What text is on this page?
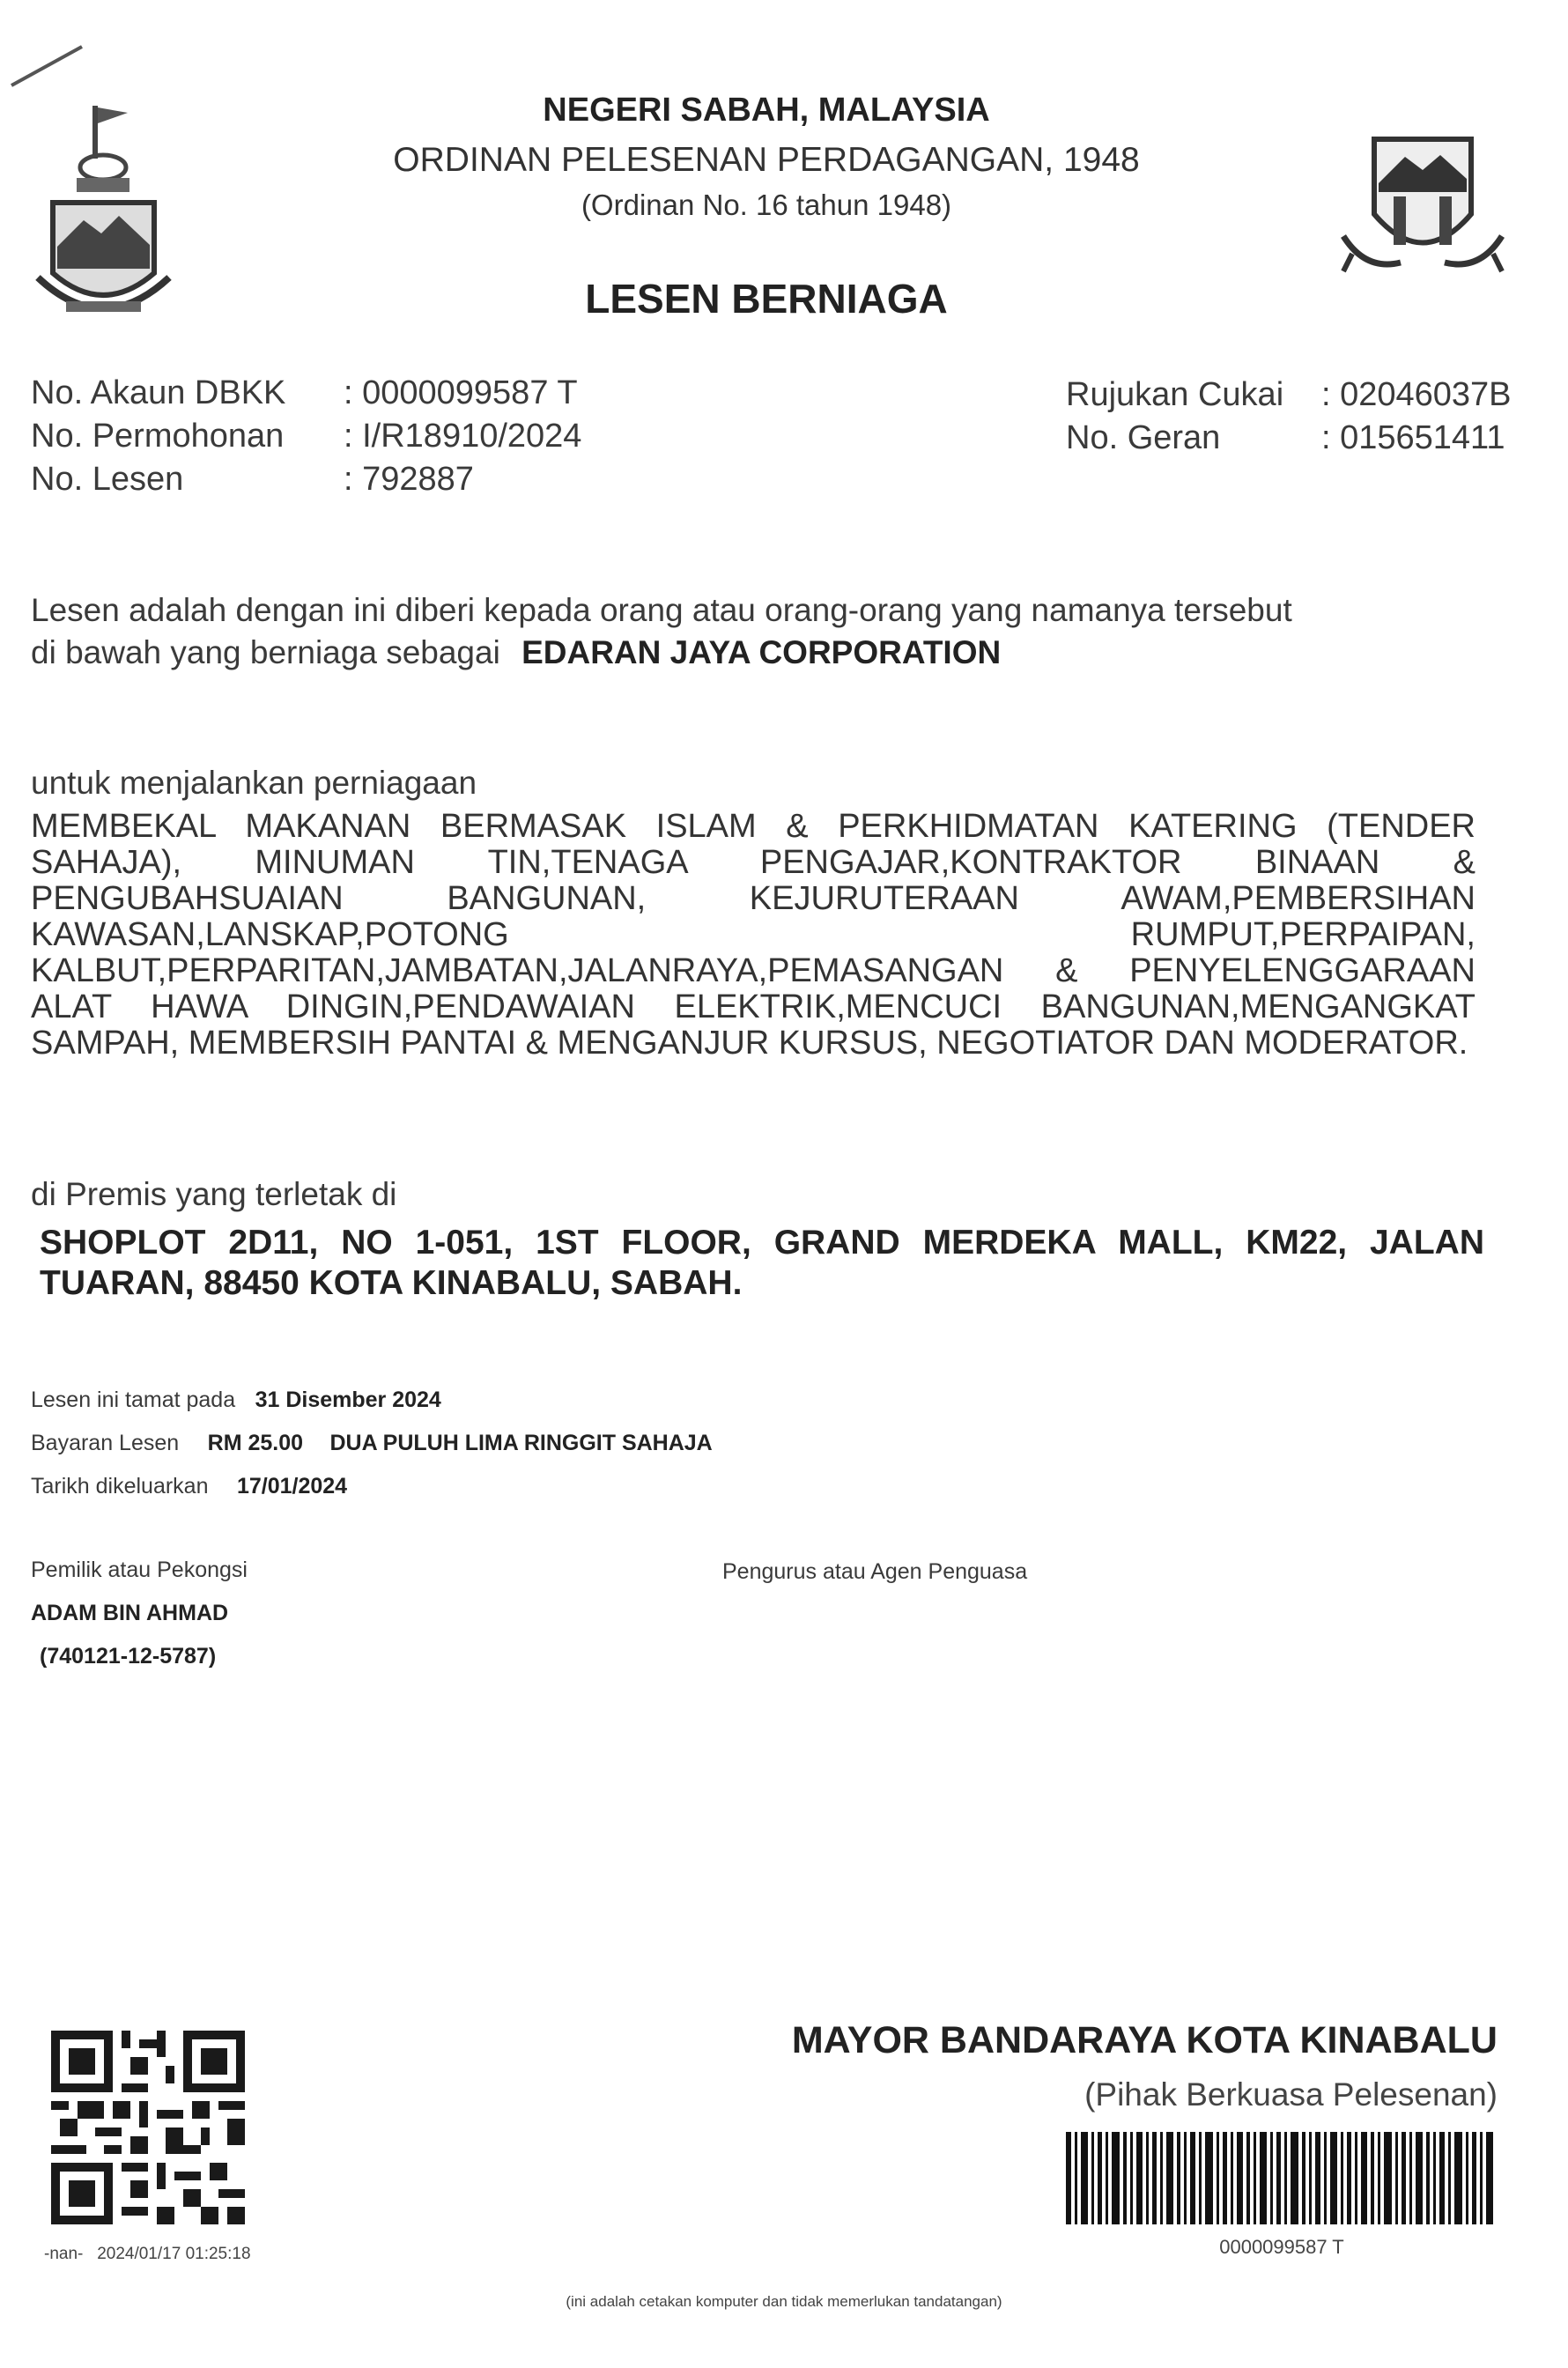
NEGERI SABAH, MALAYSIA
ORDINAN PELESENAN PERDAGANGAN, 1948
(Ordinan No. 16 tahun 1948)
LESEN BERNIAGA
No. Akaun DBKK	: 0000099587 T
No. Permohonan	: I/R18910/2024
No. Lesen	: 792887
Rujukan Cukai	: 02046037B
No. Geran	: 015651411
Lesen adalah dengan ini diberi kepada orang atau orang-orang yang namanya tersebut
di bawah yang berniaga sebagai EDARAN JAYA CORPORATION
untuk menjalankan perniagaan
MEMBEKAL MAKANAN BERMASAK ISLAM & PERKHIDMATAN KATERING (TENDER SAHAJA), MINUMAN TIN,TENAGA PENGAJAR,KONTRAKTOR BINAAN & PENGUBAHSUAIAN BANGUNAN, KEJURUTERAAN AWAM,PEMBERSIHAN KAWASAN,LANSKAP,POTONG RUMPUT,PERPAIPAN, KALBUT,PERPARITAN,JAMBATAN,JALANRAYA,PEMASANGAN & PENYELENGGARAAN ALAT HAWA DINGIN,PENDAWAIAN ELEKTRIK,MENCUCI BANGUNAN,MENGANGKAT SAMPAH, MEMBERSIH PANTAI & MENGANJUR KURSUS, NEGOTIATOR DAN MODERATOR.
di Premis yang terletak di
SHOPLOT 2D11, NO 1-051, 1ST FLOOR, GRAND MERDEKA MALL, KM22, JALAN TUARAN, 88450 KOTA KINABALU, SABAH.
Lesen ini tamat pada 31 Disember 2024
Bayaran Lesen RM 25.00 DUA PULUH LIMA RINGGIT SAHAJA
Tarikh dikeluarkan 17/01/2024
Pemilik atau Pekongsi
ADAM BIN AHMAD
(740121-12-5787)
Pengurus atau Agen Penguasa
MAYOR BANDARAYA KOTA KINABALU
(Pihak Berkuasa Pelesenan)
-nan-   2024/01/17 01:25:18	0000099587 T
(ini adalah cetakan komputer dan tidak memerlukan tandatangan)
